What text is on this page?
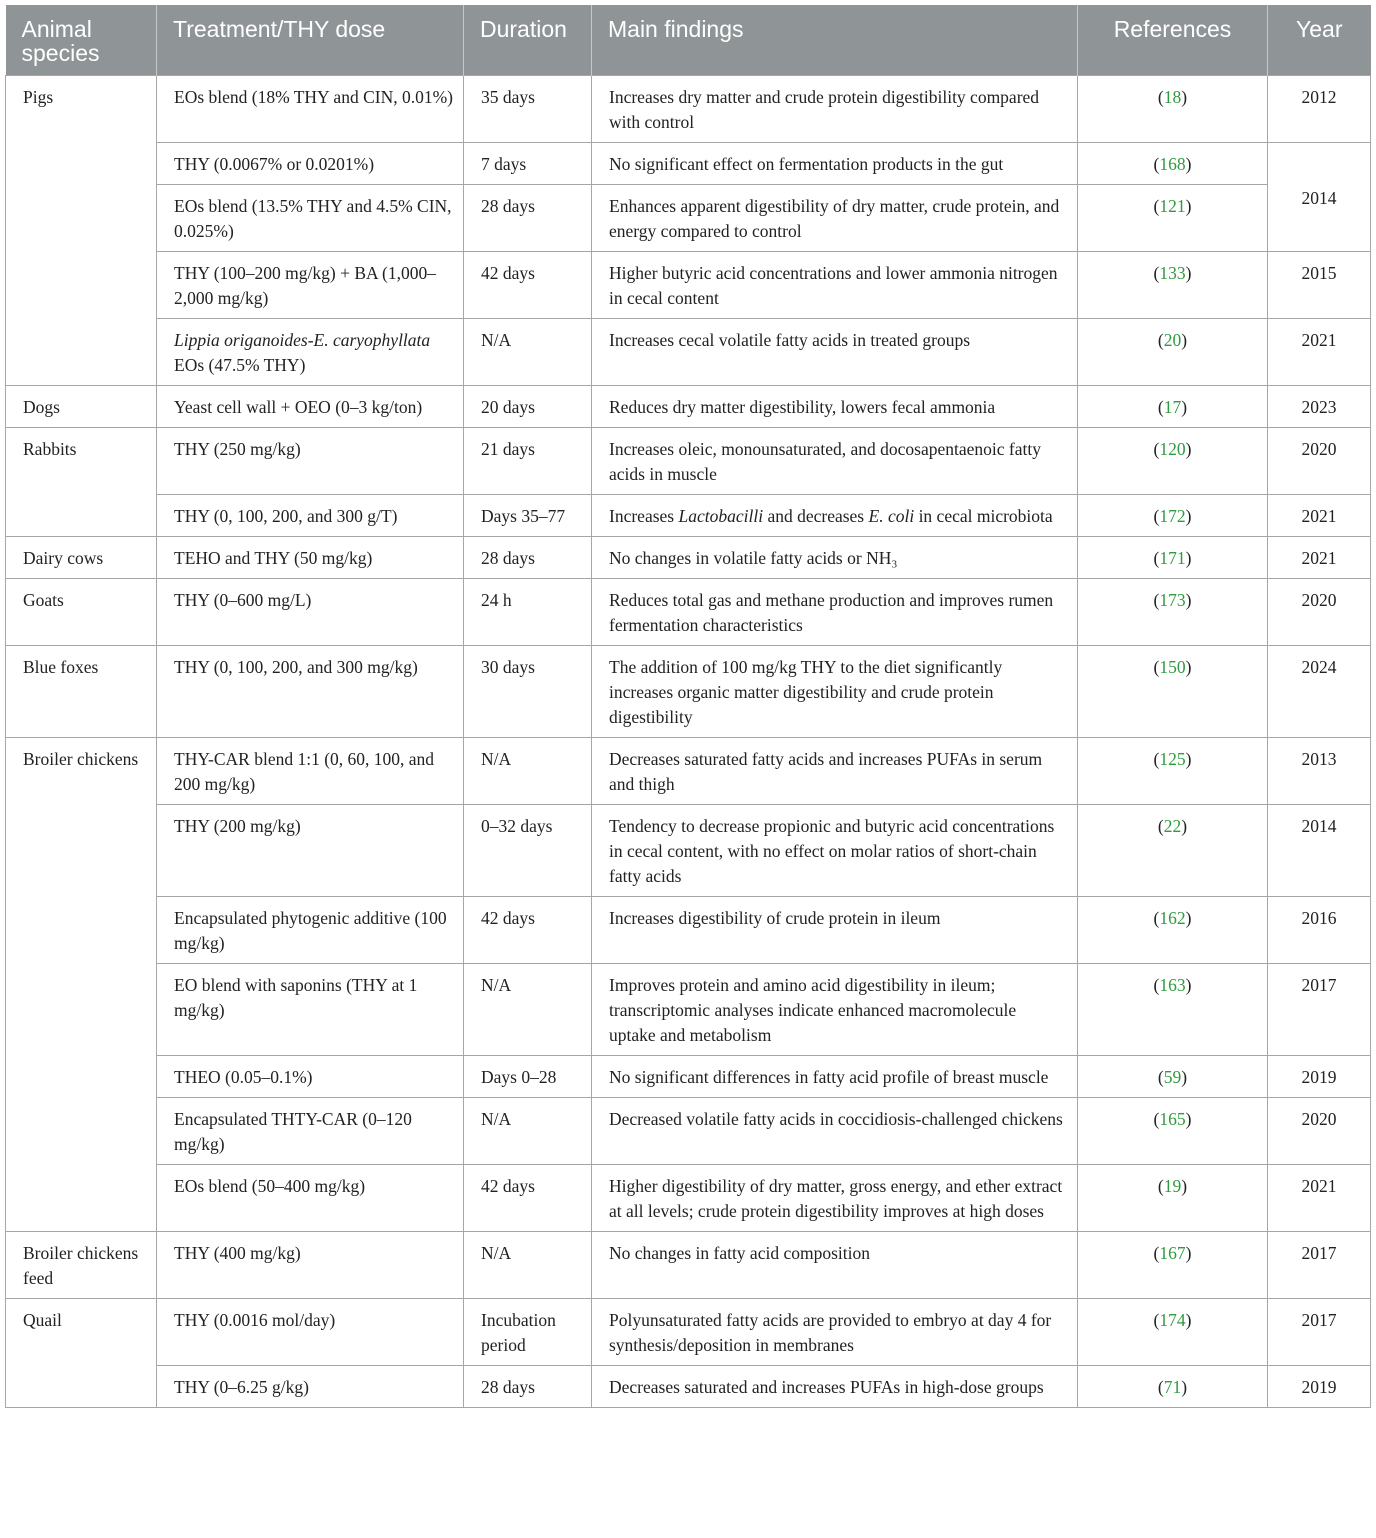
Animal species	Treatment/THY dose	Duration	Main findings	References	Year
Pigs	EOs blend (18% THY and CIN, 0.01%)	35 days	Increases dry matter and crude protein digestibility compared with control	(18)	2012
	THY (0.0067% or 0.0201%)	7 days	No significant effect on fermentation products in the gut	(168)	2014
	EOs blend (13.5% THY and 4.5% CIN, 0.025%)	28 days	Enhances apparent digestibility of dry matter, crude protein, and energy compared to control	(121)	
	THY (100–200 mg/kg) + BA (1,000–2,000 mg/kg)	42 days	Higher butyric acid concentrations and lower ammonia nitrogen in cecal content	(133)	2015
	Lippia origanoides-E. caryophyllata EOs (47.5% THY)	N/A	Increases cecal volatile fatty acids in treated groups	(20)	2021
Dogs	Yeast cell wall + OEO (0–3 kg/ton)	20 days	Reduces dry matter digestibility, lowers fecal ammonia	(17)	2023
Rabbits	THY (250 mg/kg)	21 days	Increases oleic, monounsaturated, and docosapentaenoic fatty acids in muscle	(120)	2020
	THY (0, 100, 200, and 300 g/T)	Days 35–77	Increases Lactobacilli and decreases E. coli in cecal microbiota	(172)	2021
Dairy cows	TEHO and THY (50 mg/kg)	28 days	No changes in volatile fatty acids or NH₃	(171)	2021
Goats	THY (0–600 mg/L)	24 h	Reduces total gas and methane production and improves rumen fermentation characteristics	(173)	2020
Blue foxes	THY (0, 100, 200, and 300 mg/kg)	30 days	The addition of 100 mg/kg THY to the diet significantly increases organic matter digestibility and crude protein digestibility	(150)	2024
Broiler chickens	THY-CAR blend 1:1 (0, 60, 100, and 200 mg/kg)	N/A	Decreases saturated fatty acids and increases PUFAs in serum and thigh	(125)	2013
	THY (200 mg/kg)	0–32 days	Tendency to decrease propionic and butyric acid concentrations in cecal content, with no effect on molar ratios of short-chain fatty acids	(22)	2014
	Encapsulated phytogenic additive (100 mg/kg)	42 days	Increases digestibility of crude protein in ileum	(162)	2016
	EO blend with saponins (THY at 1 mg/kg)	N/A	Improves protein and amino acid digestibility in ileum; transcriptomic analyses indicate enhanced macromolecule uptake and metabolism	(163)	2017
	THEO (0.05–0.1%)	Days 0–28	No significant differences in fatty acid profile of breast muscle	(59)	2019
	Encapsulated THTY-CAR (0–120 mg/kg)	N/A	Decreased volatile fatty acids in coccidiosis-challenged chickens	(165)	2020
	EOs blend (50–400 mg/kg)	42 days	Higher digestibility of dry matter, gross energy, and ether extract at all levels; crude protein digestibility improves at high doses	(19)	2021
Broiler chickens feed	THY (400 mg/kg)	N/A	No changes in fatty acid composition	(167)	2017
Quail	THY (0.0016 mol/day)	Incubation period	Polyunsaturated fatty acids are provided to embryo at day 4 for synthesis/deposition in membranes	(174)	2017
	THY (0–6.25 g/kg)	28 days	Decreases saturated and increases PUFAs in high-dose groups	(71)	2019
